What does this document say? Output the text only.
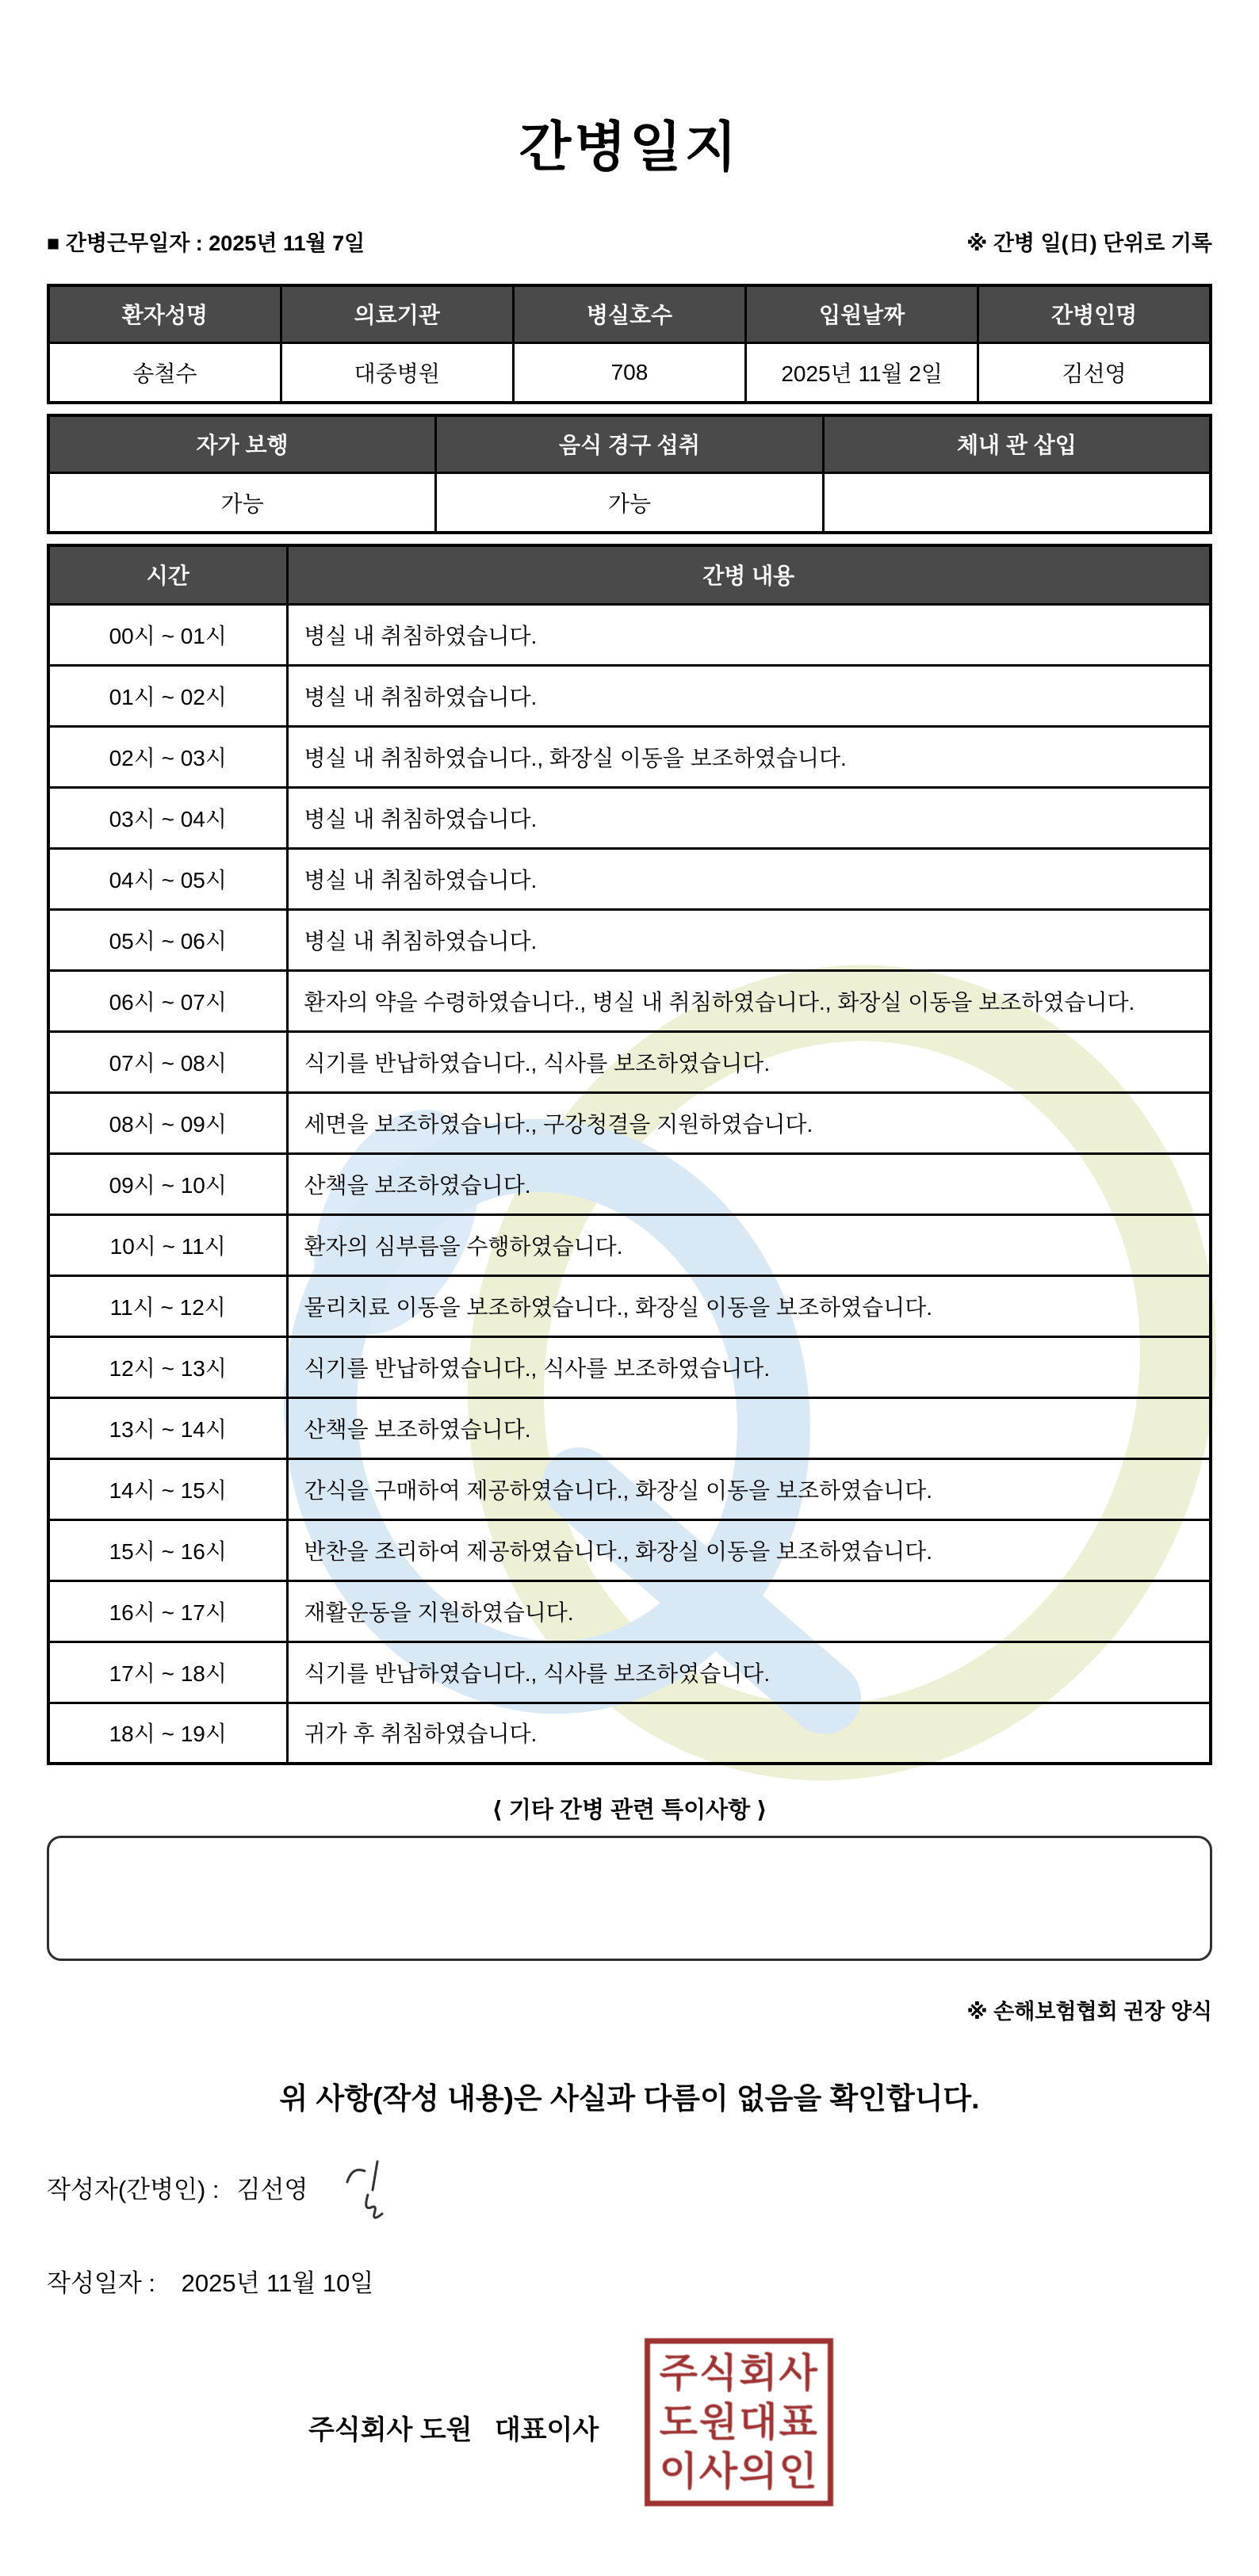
간병일지
■ 간병근무일자 : 2025년 11월 7일	※ 간병 일(日) 단위로 기록
환자성명	의료기관	병실호수	입원날짜	간병인명
송철수	대중병원	708	2025년 11월 2일	김선영
자가 보행	음식 경구 섭취	체내 관 삽입
가능	가능	
시간	간병 내용
00시 ~ 01시	병실 내 취침하였습니다.
01시 ~ 02시	병실 내 취침하였습니다.
02시 ~ 03시	병실 내 취침하였습니다., 화장실 이동을 보조하였습니다.
03시 ~ 04시	병실 내 취침하였습니다.
04시 ~ 05시	병실 내 취침하였습니다.
05시 ~ 06시	병실 내 취침하였습니다.
06시 ~ 07시	환자의 약을 수령하였습니다., 병실 내 취침하였습니다., 화장실 이동을 보조하였습니다.
07시 ~ 08시	식기를 반납하였습니다., 식사를 보조하였습니다.
08시 ~ 09시	세면을 보조하였습니다., 구강청결을 지원하였습니다.
09시 ~ 10시	산책을 보조하였습니다.
10시 ~ 11시	환자의 심부름을 수행하였습니다.
11시 ~ 12시	물리치료 이동을 보조하였습니다., 화장실 이동을 보조하였습니다.
12시 ~ 13시	식기를 반납하였습니다., 식사를 보조하였습니다.
13시 ~ 14시	산책을 보조하였습니다.
14시 ~ 15시	간식을 구매하여 제공하였습니다., 화장실 이동을 보조하였습니다.
15시 ~ 16시	반찬을 조리하여 제공하였습니다., 화장실 이동을 보조하였습니다.
16시 ~ 17시	재활운동을 지원하였습니다.
17시 ~ 18시	식기를 반납하였습니다., 식사를 보조하였습니다.
18시 ~ 19시	귀가 후 취침하였습니다.
⟨ 기타 간병 관련 특이사항 ⟩
※ 손해보험협회 권장 양식
위 사항(작성 내용)은 사실과 다름이 없음을 확인합니다.
작성자(간병인) : 김선영
작성일자 : 2025년 11월 10일
주식회사 도원   대표이사
주식회사
도원대표
이사의인
